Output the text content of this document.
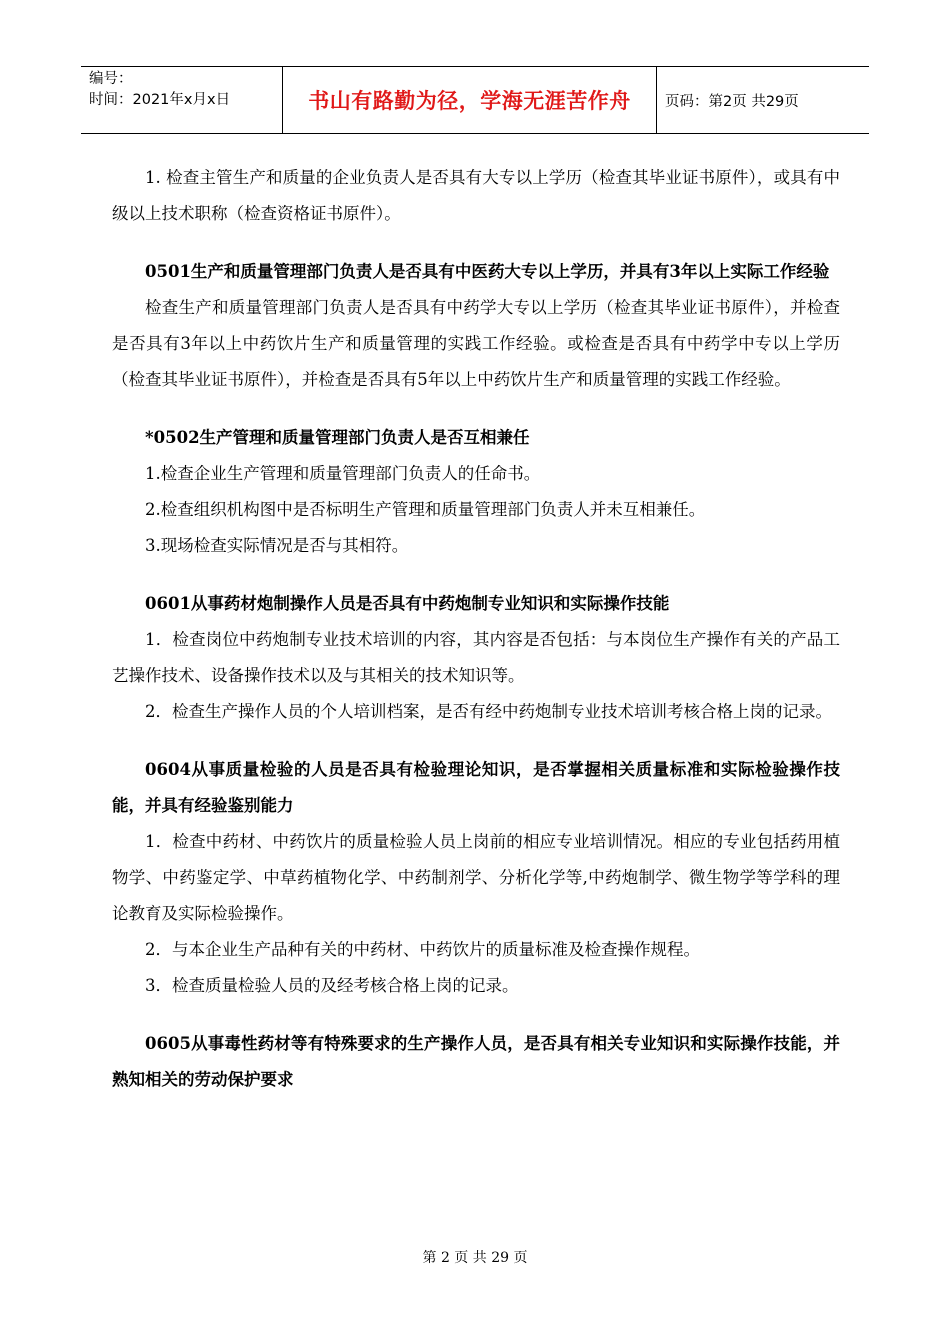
编号：
时间：2021年x月x日	书山有路勤为径，学海无涯苦作舟	页码：第2页 共29页

1. 检查主管生产和质量的企业负责人是否具有大专以上学历（检查其毕业证书原件），或具有中级以上技术职称（检查资格证书原件）。

0501生产和质量管理部门负责人是否具有中医药大专以上学历，并具有3年以上实际工作经验

检查生产和质量管理部门负责人是否具有中药学大专以上学历（检查其毕业证书原件），并检查是否具有3年以上中药饮片生产和质量管理的实践工作经验。或检查是否具有中药学中专以上学历（检查其毕业证书原件），并检查是否具有5年以上中药饮片生产和质量管理的实践工作经验。

*0502生产管理和质量管理部门负责人是否互相兼任

1.检查企业生产管理和质量管理部门负责人的任命书。

2.检查组织机构图中是否标明生产管理和质量管理部门负责人并未互相兼任。

3.现场检查实际情况是否与其相符。

0601从事药材炮制操作人员是否具有中药炮制专业知识和实际操作技能

1．检查岗位中药炮制专业技术培训的内容，其内容是否包括：与本岗位生产操作有关的产品工艺操作技术、设备操作技术以及与其相关的技术知识等。

2．检查生产操作人员的个人培训档案，是否有经中药炮制专业技术培训考核合格上岗的记录。

0604从事质量检验的人员是否具有检验理论知识，是否掌握相关质量标准和实际检验操作技能，并具有经验鉴别能力

1．检查中药材、中药饮片的质量检验人员上岗前的相应专业培训情况。相应的专业包括药用植物学、中药鉴定学、中草药植物化学、中药制剂学、分析化学等,中药炮制学、微生物学等学科的理论教育及实际检验操作。

2．与本企业生产品种有关的中药材、中药饮片的质量标准及检查操作规程。

3．检查质量检验人员的及经考核合格上岗的记录。

0605从事毒性药材等有特殊要求的生产操作人员，是否具有相关专业知识和实际操作技能，并熟知相关的劳动保护要求

第 2 页 共 29 页
